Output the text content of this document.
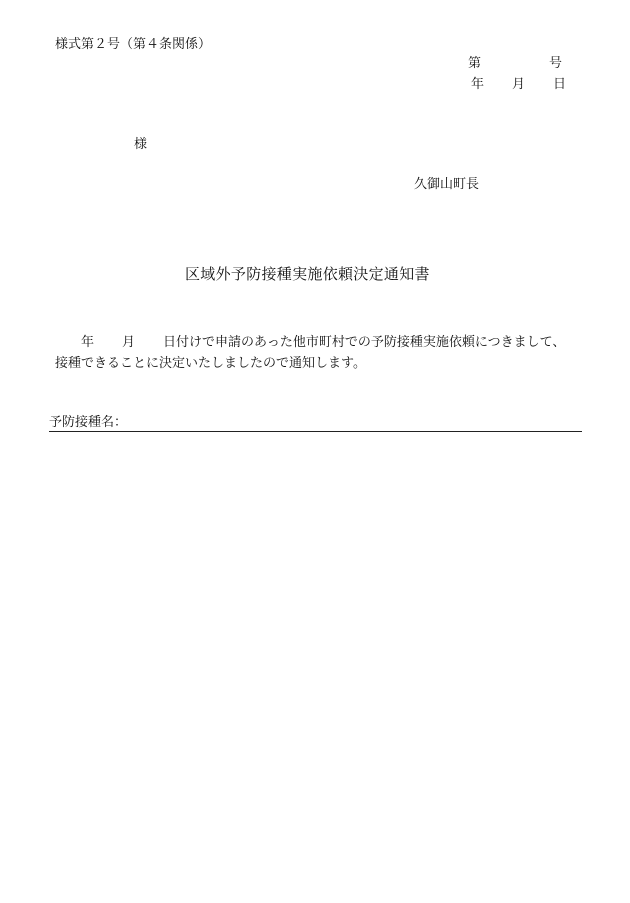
様式第２号（第４条関係）
第	号
年 月 日
様
久御山町長
区域外予防接種実施依頼決定通知書
年 月 日付けで申請のあった他市町村での予防接種実施依頼につきまして、
接種できることに決定いたしましたので通知します。
予防接種名：
